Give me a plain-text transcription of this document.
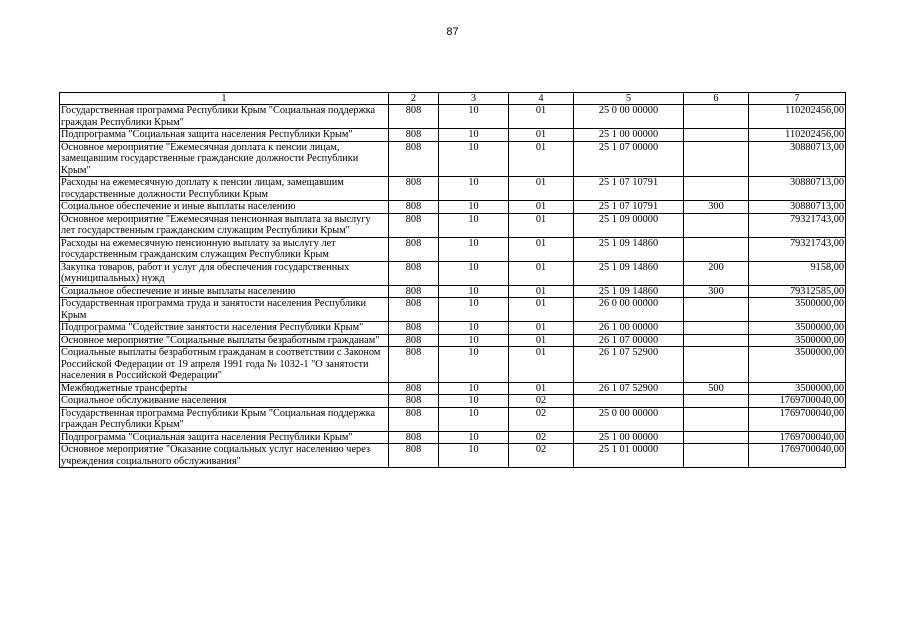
87
1	2	3	4	5	6	7
Государственная программа Республики Крым "Социальная поддержка граждан Республики Крым"	808	10	01	25 0 00 00000		110202456,00
Подпрограмма "Социальная защита населения Республики Крым"	808	10	01	25 1 00 00000		110202456,00
Основное мероприятие "Ежемесячная доплата к пенсии лицам, замещавшим государственные гражданские должности Республики Крым"	808	10	01	25 1 07 00000		30880713,00
Расходы на ежемесячную доплату к пенсии лицам, замещавшим государственные должности Республики Крым	808	10	01	25 1 07 10791		30880713,00
Социальное обеспечение и иные выплаты населению	808	10	01	25 1 07 10791	300	30880713,00
Основное мероприятие "Ежемесячная пенсионная выплата за выслугу лет государственным гражданским служащим Республики Крым"	808	10	01	25 1 09 00000		79321743,00
Расходы на ежемесячную пенсионную выплату за выслугу лет государственным гражданским служащим Республики Крым	808	10	01	25 1 09 14860		79321743,00
Закупка товаров, работ и услуг для обеспечения государственных (муниципальных) нужд	808	10	01	25 1 09 14860	200	9158,00
Социальное обеспечение и иные выплаты населению	808	10	01	25 1 09 14860	300	79312585,00
Государственная программа труда и занятости населения Республики Крым	808	10	01	26 0 00 00000		3500000,00
Подпрограмма "Содействие занятости населения Республики Крым"	808	10	01	26 1 00 00000		3500000,00
Основное мероприятие "Социальные выплаты безработным гражданам"	808	10	01	26 1 07 00000		3500000,00
Социальные выплаты безработным гражданам в соответствии с Законом Российской Федерации от 19 апреля 1991 года № 1032-1 "О занятости населения в Российской Федерации"	808	10	01	26 1 07 52900		3500000,00
Межбюджетные трансферты	808	10	01	26 1 07 52900	500	3500000,00
Социальное обслуживание населения	808	10	02			1769700040,00
Государственная программа Республики Крым "Социальная поддержка граждан Республики Крым"	808	10	02	25 0 00 00000		1769700040,00
Подпрограмма "Социальная защита населения Республики Крым"	808	10	02	25 1 00 00000		1769700040,00
Основное мероприятие "Оказание социальных услуг населению через учреждения социального обслуживания"	808	10	02	25 1 01 00000		1769700040,00
